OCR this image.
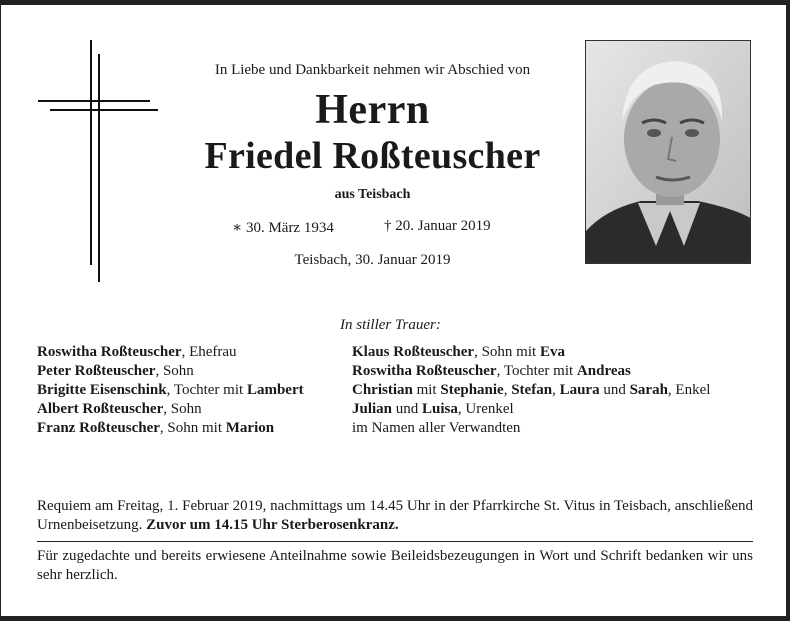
In Liebe und Dankbarkeit nehmen wir Abschied von
Herrn
Friedel Roßteuscher
aus Teisbach
∗ 30. März 1934	† 20. Januar 2019
Teisbach, 30. Januar 2019
In stiller Trauer:
Roswitha Roßteuscher, Ehefrau
Peter Roßteuscher, Sohn
Brigitte Eisenschink, Tochter mit Lambert
Albert Roßteuscher, Sohn
Franz Roßteuscher, Sohn mit Marion
Klaus Roßteuscher, Sohn mit Eva
Roswitha Roßteuscher, Tochter mit Andreas
Christian mit Stephanie, Stefan, Laura und Sarah, Enkel
Julian und Luisa, Urenkel
im Namen aller Verwandten
Requiem am Freitag, 1. Februar 2019, nachmittags um 14.45 Uhr in der Pfarrkirche St. Vitus in Teisbach, anschließend Urnenbeisetzung. Zuvor um 14.15 Uhr Sterberosenkranz.
Für zugedachte und bereits erwiesene Anteilnahme sowie Beileidsbezeugungen in Wort und Schrift bedanken wir uns sehr herzlich.
